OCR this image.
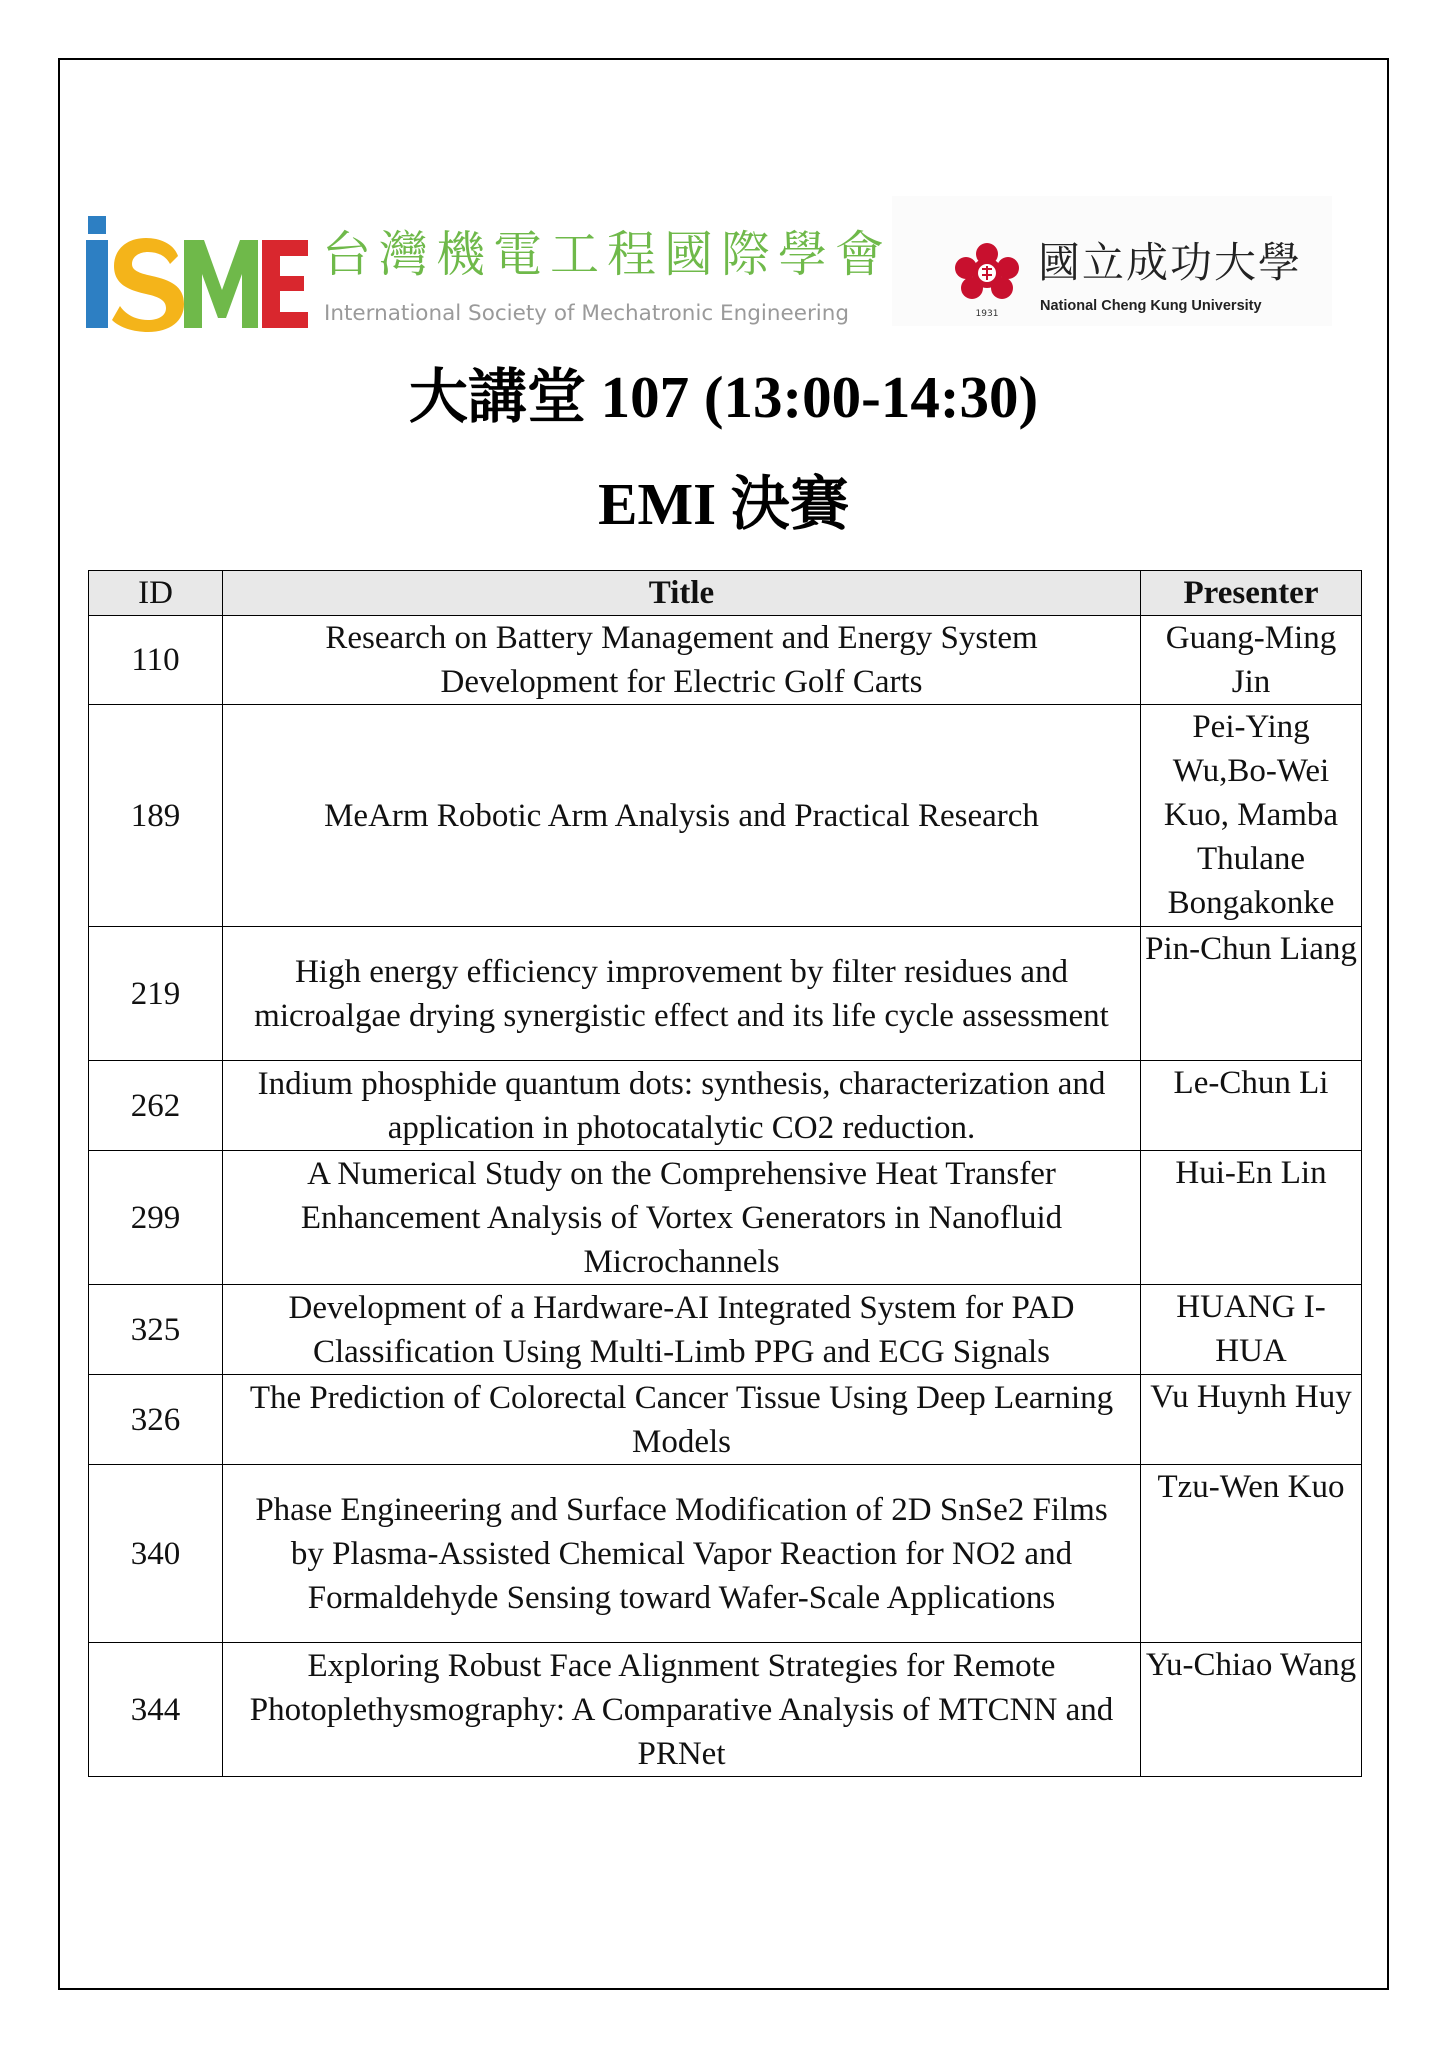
台灣機電工程國際學會
International Society of Mechatronic Engineering	1931
國立成功大學
National Cheng Kung University
大講堂 107 (13:00-14:30)
EMI 決賽
ID	Title	Presenter
110	Research on Battery Management and Energy System Development for Electric Golf Carts	Guang-Ming Jin
189	MeArm Robotic Arm Analysis and Practical Research	Pei-Ying Wu,Bo-Wei Kuo, Mamba Thulane Bongakonke
219	High energy efficiency improvement by filter residues and microalgae drying synergistic effect and its life cycle assessment	Pin-Chun Liang
262	Indium phosphide quantum dots: synthesis, characterization and application in photocatalytic CO2 reduction.	Le-Chun Li
299	A Numerical Study on the Comprehensive Heat Transfer Enhancement Analysis of Vortex Generators in Nanofluid Microchannels	Hui-En Lin
325	Development of a Hardware-AI Integrated System for PAD Classification Using Multi-Limb PPG and ECG Signals	HUANG I-HUA
326	The Prediction of Colorectal Cancer Tissue Using Deep Learning Models	Vu Huynh Huy
340	Phase Engineering and Surface Modification of 2D SnSe2 Films by Plasma-Assisted Chemical Vapor Reaction for NO2 and Formaldehyde Sensing toward Wafer-Scale Applications	Tzu-Wen Kuo
344	Exploring Robust Face Alignment Strategies for Remote Photoplethysmography: A Comparative Analysis of MTCNN and PRNet	Yu-Chiao Wang
